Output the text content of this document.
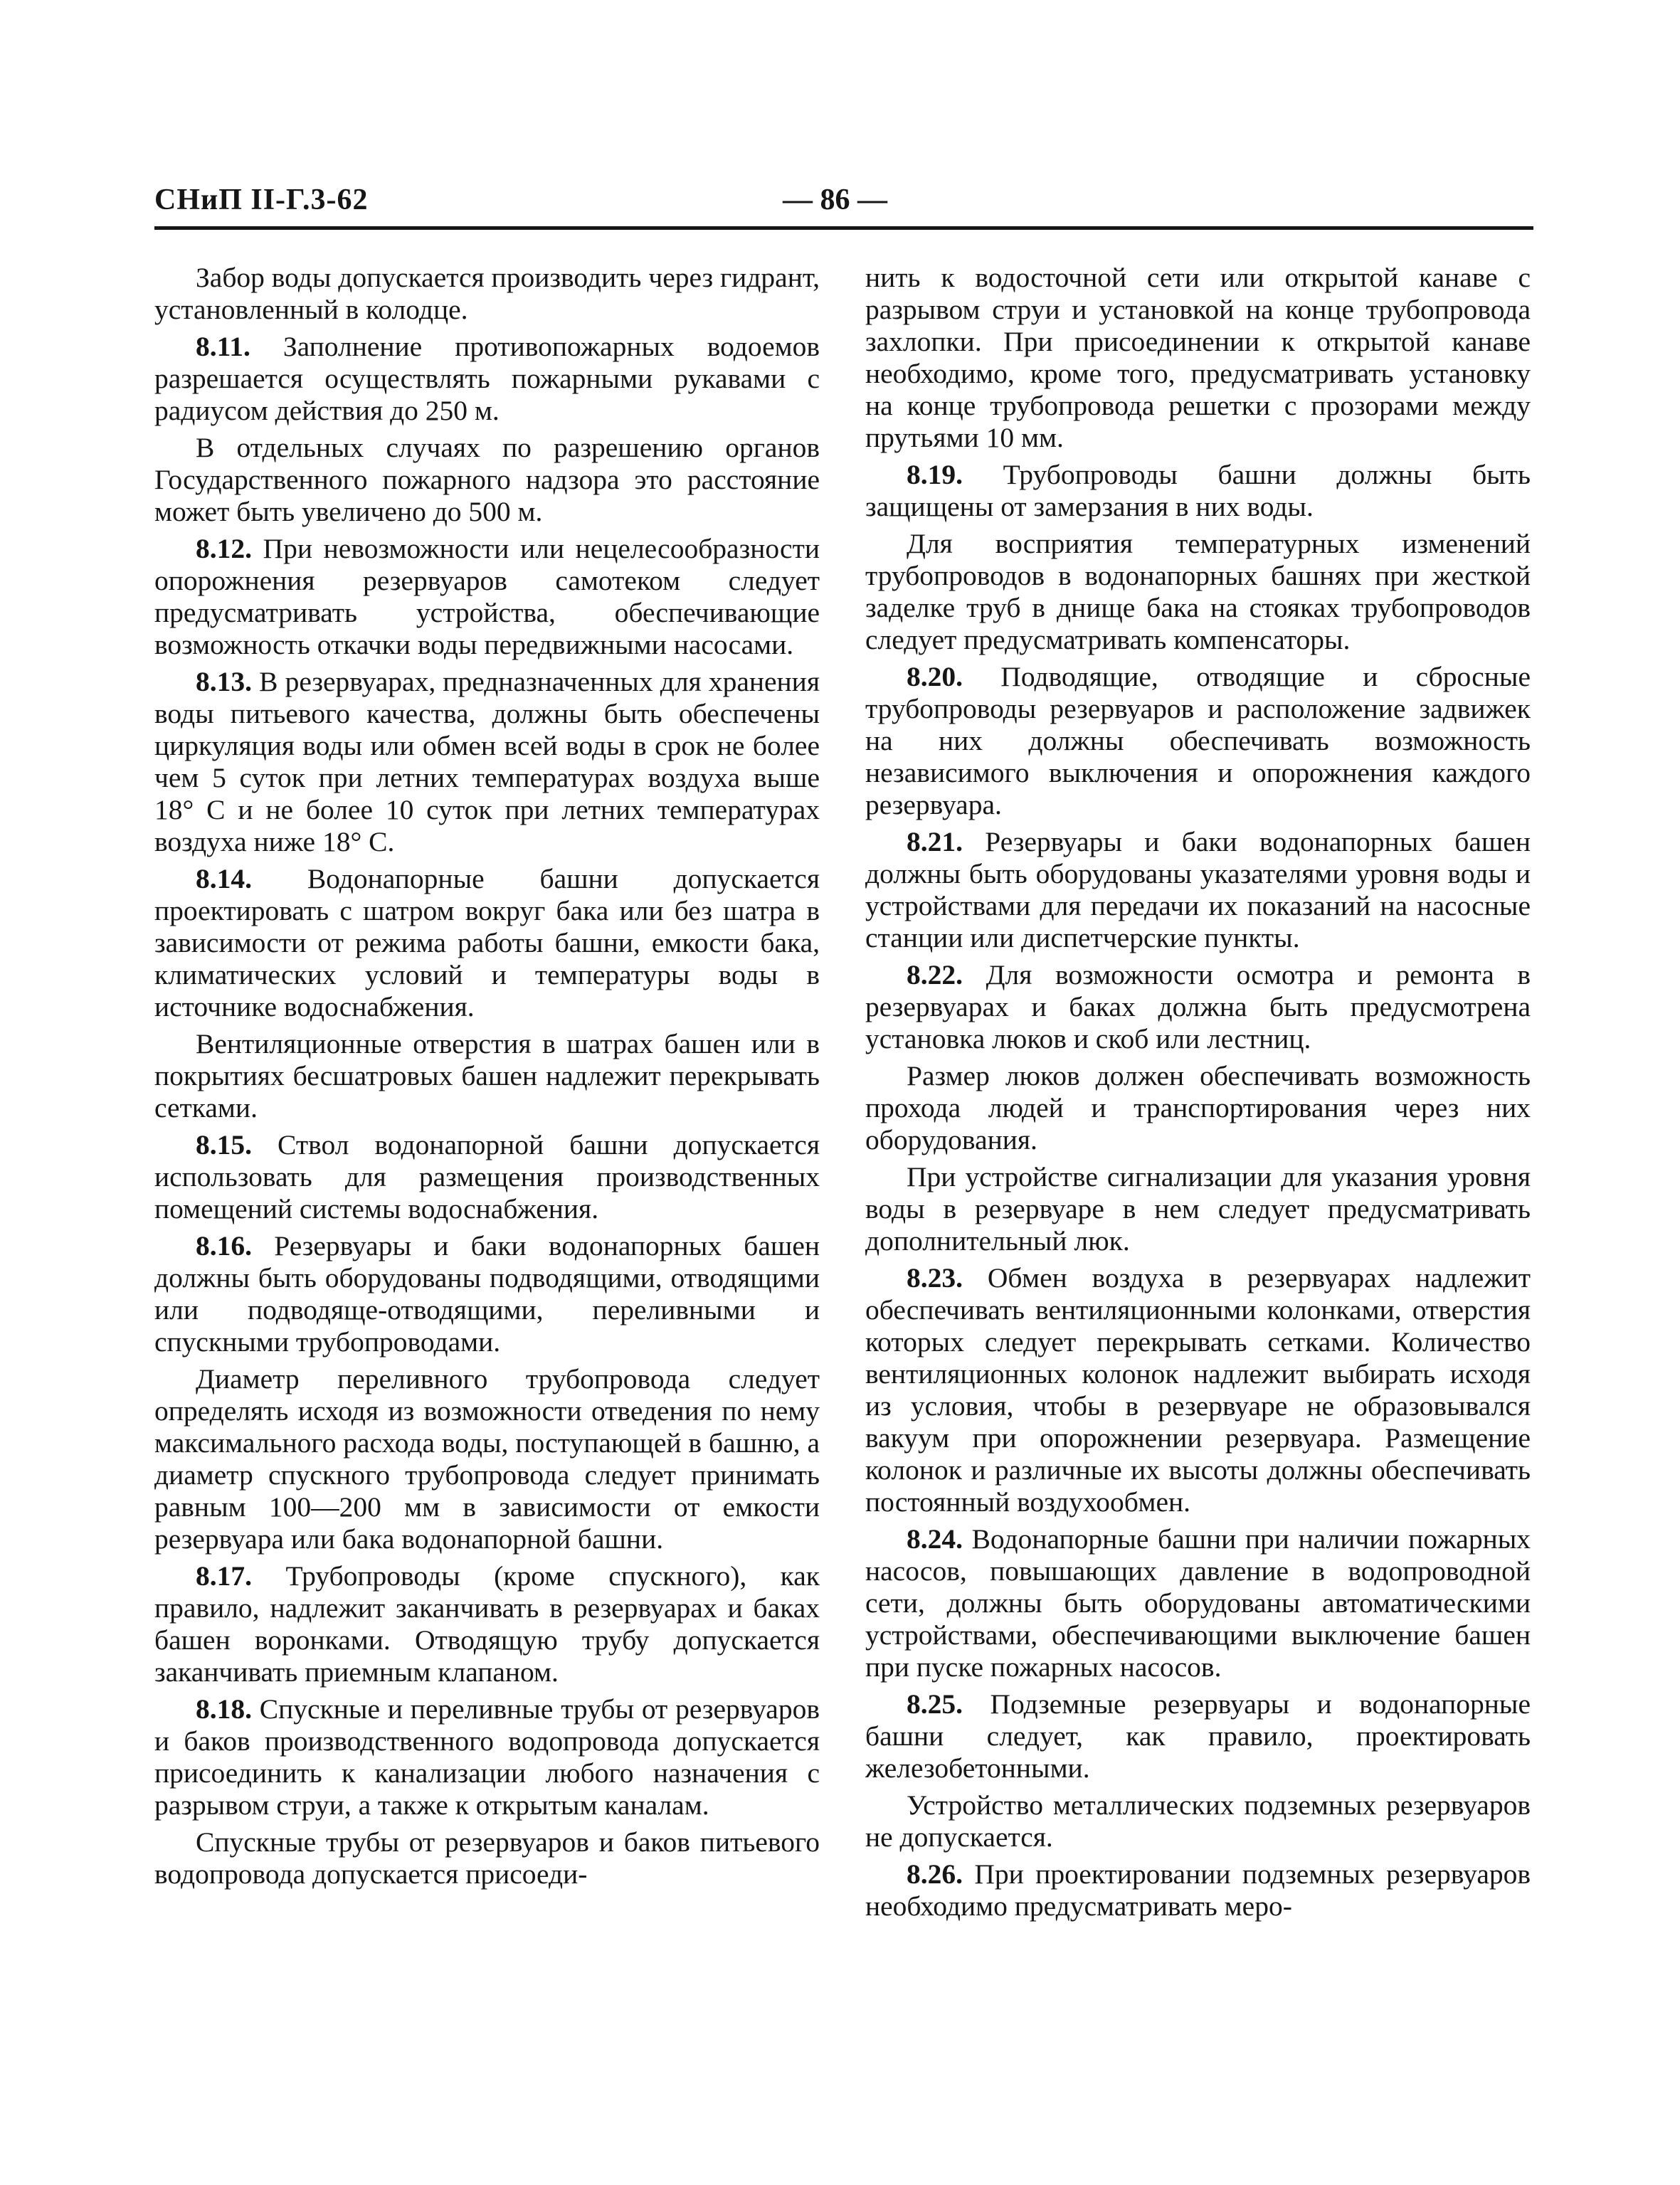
СНиП II-Г.3-62	— 86 —

Забор воды допускается производить через гидрант, установленный в колодце.

8.11. Заполнение противопожарных водоемов разрешается осуществлять пожарными рукавами с радиусом действия до 250 м.

В отдельных случаях по разрешению органов Государственного пожарного надзора это расстояние может быть увеличено до 500 м.

8.12. При невозможности или нецелесообразности опорожнения резервуаров самотеком следует предусматривать устройства, обеспечивающие возможность откачки воды передвижными насосами.

8.13. В резервуарах, предназначенных для хранения воды питьевого качества, должны быть обеспечены циркуляция воды или обмен всей воды в срок не более чем 5 суток при летних температурах воздуха выше 18° С и не более 10 суток при летних температурах воздуха ниже 18° С.

8.14. Водонапорные башни допускается проектировать с шатром вокруг бака или без шатра в зависимости от режима работы башни, емкости бака, климатических условий и температуры воды в источнике водоснабжения.

Вентиляционные отверстия в шатрах башен или в покрытиях бесшатровых башен надлежит перекрывать сетками.

8.15. Ствол водонапорной башни допускается использовать для размещения производственных помещений системы водоснабжения.

8.16. Резервуары и баки водонапорных башен должны быть оборудованы подводящими, отводящими или подводяще-отводящими, переливными и спускными трубопроводами.

Диаметр переливного трубопровода следует определять исходя из возможности отведения по нему максимального расхода воды, поступающей в башню, а диаметр спускного трубопровода следует принимать равным 100—200 мм в зависимости от емкости резервуара или бака водонапорной башни.

8.17. Трубопроводы (кроме спускного), как правило, надлежит заканчивать в резервуарах и баках башен воронками. Отводящую трубу допускается заканчивать приемным клапаном.

8.18. Спускные и переливные трубы от резервуаров и баков производственного водопровода допускается присоединить к канализации любого назначения с разрывом струи, а также к открытым каналам.

Спускные трубы от резервуаров и баков питьевого водопровода допускается присоеди-

нить к водосточной сети или открытой канаве с разрывом струи и установкой на конце трубопровода захлопки. При присоединении к открытой канаве необходимо, кроме того, предусматривать установку на конце трубопровода решетки с прозорами между прутьями 10 мм.

8.19. Трубопроводы башни должны быть защищены от замерзания в них воды.

Для восприятия температурных изменений трубопроводов в водонапорных башнях при жесткой заделке труб в днище бака на стояках трубопроводов следует предусматривать компенсаторы.

8.20. Подводящие, отводящие и сбросные трубопроводы резервуаров и расположение задвижек на них должны обеспечивать возможность независимого выключения и опорожнения каждого резервуара.

8.21. Резервуары и баки водонапорных башен должны быть оборудованы указателями уровня воды и устройствами для передачи их показаний на насосные станции или диспетчерские пункты.

8.22. Для возможности осмотра и ремонта в резервуарах и баках должна быть предусмотрена установка люков и скоб или лестниц.

Размер люков должен обеспечивать возможность прохода людей и транспортирования через них оборудования.

При устройстве сигнализации для указания уровня воды в резервуаре в нем следует предусматривать дополнительный люк.

8.23. Обмен воздуха в резервуарах надлежит обеспечивать вентиляционными колонками, отверстия которых следует перекрывать сетками. Количество вентиляционных колонок надлежит выбирать исходя из условия, чтобы в резервуаре не образовывался вакуум при опорожнении резервуара. Размещение колонок и различные их высоты должны обеспечивать постоянный воздухообмен.

8.24. Водонапорные башни при наличии пожарных насосов, повышающих давление в водопроводной сети, должны быть оборудованы автоматическими устройствами, обеспечивающими выключение башен при пуске пожарных насосов.

8.25. Подземные резервуары и водонапорные башни следует, как правило, проектировать железобетонными.

Устройство металлических подземных резервуаров не допускается.

8.26. При проектировании подземных резервуаров необходимо предусматривать меро-
